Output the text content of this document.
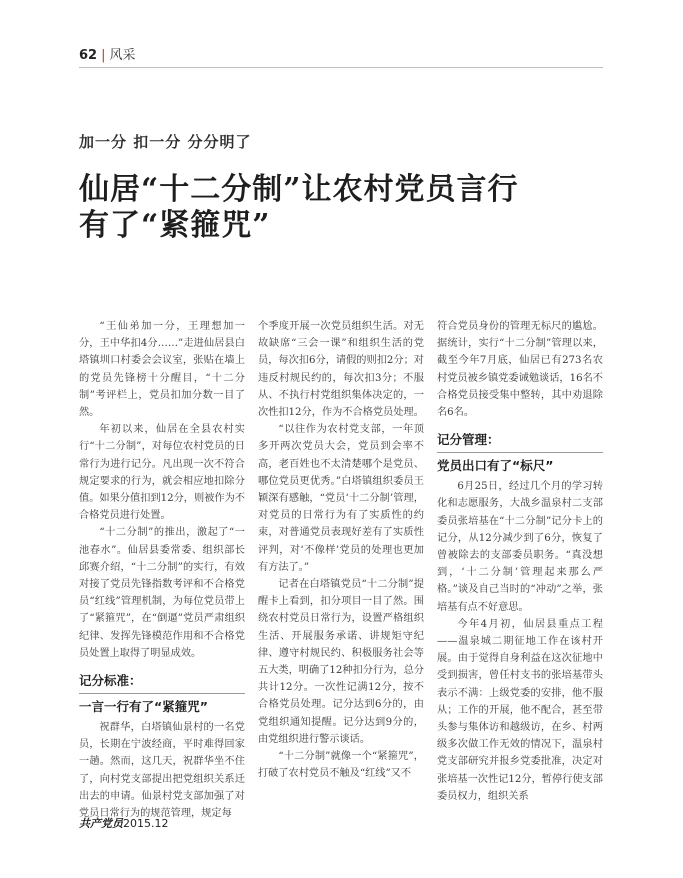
62 | 风采
加一分 扣一分 分分明了
仙居“十二分制”让农村党员言行
有了“紧箍咒”

“王仙弟加一分，王理想加一分，王中华扣4分……”走进仙居县白塔镇圳口村委会会议室，张贴在墙上的党员先锋榜十分醒目，“十二分制”考评栏上，党员扣加分数一目了然。

年初以来，仙居在全县农村实行“十二分制”，对每位农村党员的日常行为进行记分。凡出现一次不符合规定要求的行为，就会相应地扣除分值。如果分值扣到12分，则被作为不合格党员进行处置。

“十二分制”的推出，激起了“一池春水”。仙居县委常委、组织部长邱赛介绍，“十二分制”的实行，有效对接了党员先锋指数考评和不合格党员“红线”管理机制，为每位党员带上了“紧箍咒”，在“倒逼”党员严肃组织纪律、发挥先锋模范作用和不合格党员处置上取得了明显成效。

记分标准：
一言一行有了“紧箍咒”

祝群华，白塔镇仙景村的一名党员，长期在宁波经商，平时难得回家一趟。然而，这几天，祝群华坐不住了，向村党支部提出把党组织关系迁出去的申请。仙景村党支部加强了对党员日常行为的规范管理，规定每

个季度开展一次党员组织生活。对无故缺席“三会一课”和组织生活的党员，每次扣6分，请假的则扣2分；对违反村规民约的，每次扣3分；不服从、不执行村党组织集体决定的，一次性扣12分，作为不合格党员处理。

“以往作为农村党支部，一年顶多开两次党员大会，党员到会率不高，老百姓也不太清楚哪个是党员、哪位党员更优秀。”白塔镇组织委员王颖深有感触，“党员‘十二分制’管理，对党员的日常行为有了实质性的约束，对普通党员表现好差有了实质性评判，对‘不像样’党员的处理也更加有方法了。”

记者在白塔镇党员“十二分制”提醒卡上看到，扣分项目一目了然。围绕农村党员日常行为，设置严格组织生活、开展服务承诺、讲规矩守纪律、遵守村规民约、积极服务社会等五大类，明确了12种扣分行为，总分共计12分。一次性记满12分，按不合格党员处理。记分达到6分的，由党组织通知提醒。记分达到9分的，由党组织进行警示谈话。

“十二分制”就像一个“紧箍咒”，打破了农村党员不触及“红线”又不

符合党员身份的管理无标尺的尴尬。据统计，实行“十二分制”管理以来，截至今年7月底，仙居已有273名农村党员被乡镇党委诫勉谈话，16名不合格党员接受集中整转，其中劝退除名6名。

记分管理：
党员出口有了“标尺”

6月25日，经过几个月的学习转化和志愿服务，大战乡温泉村二支部委员张培基在“十二分制”记分卡上的记分，从12分减少到了6分，恢复了曾被除去的支部委员职务。“真没想到，‘十二分制’管理起来那么严格。”谈及自己当时的“冲动”之举，张培基有点不好意思。

今年4月初，仙居县重点工程——温泉城二期征地工作在该村开展。由于觉得自身利益在这次征地中受到损害，曾任村支书的张培基带头表示不满：上级党委的安排，他不服从；工作的开展，他不配合，甚至带头参与集体访和越级访，在乡、村两级多次做工作无效的情况下，温泉村党支部研究并报乡党委批准，决定对张培基一次性记12分，暂停行使支部委员权力，组织关系

共产党员2015.12
